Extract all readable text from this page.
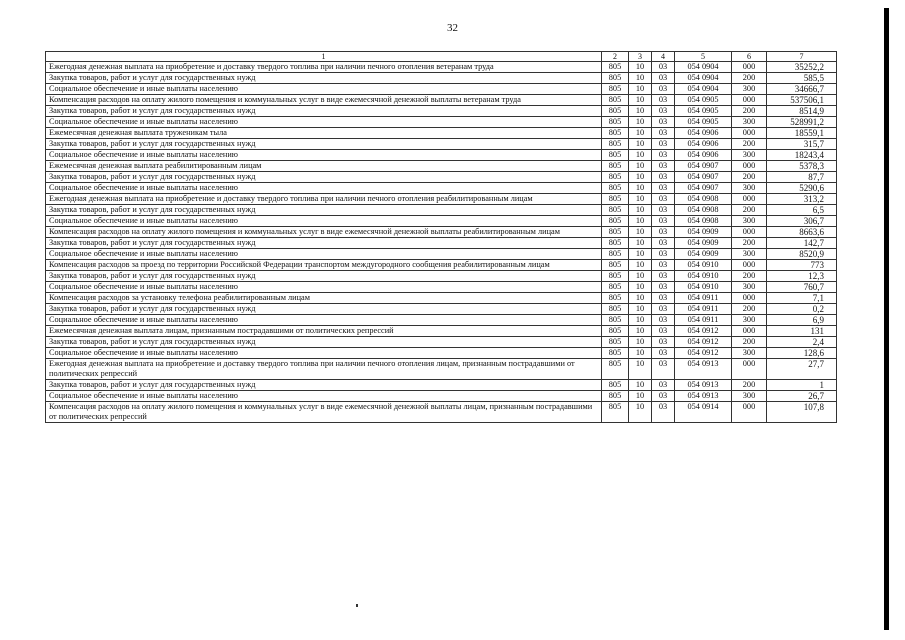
32
1	2	3	4	5	6	7
Ежегодная денежная выплата на приобретение и доставку твердого топлива при наличии печного отопления ветеранам труда	805	10	03	054 0904	000	35252,2
Закупка товаров, работ и услуг для государственных нужд	805	10	03	054 0904	200	585,5
Социальное обеспечение и иные выплаты населению	805	10	03	054 0904	300	34666,7
Компенсация расходов на оплату жилого помещения и коммунальных услуг в виде ежемесячной денежной выплаты ветеранам труда	805	10	03	054 0905	000	537506,1
Закупка товаров, работ и услуг для государственных нужд	805	10	03	054 0905	200	8514,9
Социальное обеспечение и иные выплаты населению	805	10	03	054 0905	300	528991,2
Ежемесячная денежная выплата труженикам тыла	805	10	03	054 0906	000	18559,1
Закупка товаров, работ и услуг для государственных нужд	805	10	03	054 0906	200	315,7
Социальное обеспечение и иные выплаты населению	805	10	03	054 0906	300	18243,4
Ежемесячная денежная выплата реабилитированным лицам	805	10	03	054 0907	000	5378,3
Закупка товаров, работ и услуг для государственных нужд	805	10	03	054 0907	200	87,7
Социальное обеспечение и иные выплаты населению	805	10	03	054 0907	300	5290,6
Ежегодная денежная выплата на приобретение и доставку твердого топлива при наличии печного отопления реабилитированным лицам	805	10	03	054 0908	000	313,2
Закупка товаров, работ и услуг для государственных нужд	805	10	03	054 0908	200	6,5
Социальное обеспечение и иные выплаты населению	805	10	03	054 0908	300	306,7
Компенсация расходов на оплату жилого помещения и коммунальных услуг в виде ежемесячной денежной выплаты реабилитированным лицам	805	10	03	054 0909	000	8663,6
Закупка товаров, работ и услуг для государственных нужд	805	10	03	054 0909	200	142,7
Социальное обеспечение и иные выплаты населению	805	10	03	054 0909	300	8520,9
Компенсация расходов за проезд по территории Российской Федерации транспортом междугородного сообщения реабилитированным лицам	805	10	03	054 0910	000	773
Закупка товаров, работ и услуг для государственных нужд	805	10	03	054 0910	200	12,3
Социальное обеспечение и иные выплаты населению	805	10	03	054 0910	300	760,7
Компенсация расходов за установку телефона реабилитированным лицам	805	10	03	054 0911	000	7,1
Закупка товаров, работ и услуг для государственных нужд	805	10	03	054 0911	200	0,2
Социальное обеспечение и иные выплаты населению	805	10	03	054 0911	300	6,9
Ежемесячная денежная выплата лицам, признанным пострадавшими от политических репрессий	805	10	03	054 0912	000	131
Закупка товаров, работ и услуг для государственных нужд	805	10	03	054 0912	200	2,4
Социальное обеспечение и иные выплаты населению	805	10	03	054 0912	300	128,6
Ежегодная денежная выплата на приобретение и доставку твердого топлива при наличии печного отопления лицам, признанным пострадавшими от политических репрессий	805	10	03	054 0913	000	27,7
Закупка товаров, работ и услуг для государственных нужд	805	10	03	054 0913	200	1
Социальное обеспечение и иные выплаты населению	805	10	03	054 0913	300	26,7
Компенсация расходов на оплату жилого помещения и коммунальных услуг в виде ежемесячной денежной выплаты лицам, признанным пострадавшими от политических репрессий	805	10	03	054 0914	000	107,8
